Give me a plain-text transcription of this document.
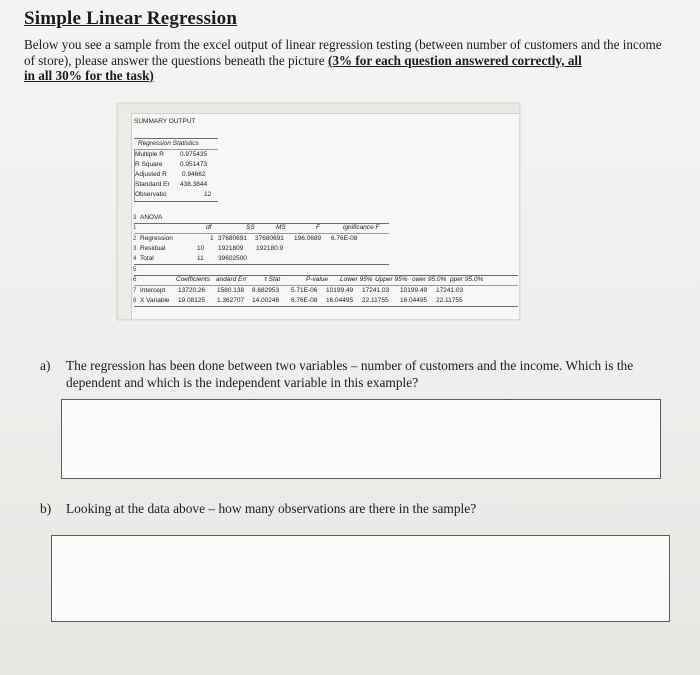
Simple Linear Regression
Below you see a sample from the excel output of linear regression testing (between number of customers and the income of store), please answer the questions beneath the picture (3% for each question answered correctly, all
in all 30% for the task)
SUMMARY OUTPUT
Regression Statistics
Multiple R 0.975435
R Square	0.951473
Adjusted R 0.94662
Standard Er 438.3844
Observatio	12
3 ANOVA
1	df	SS	MS	F	ignificance F
2 Regression	1 37680691 37680691 196.0689 6.76E-08
3 Residual	10 1921809 192180.9
4 Total	11 39602500
5
6	Coefficients andard Err	t Stat	P-value Lower 95% Upper 95% ower 95.0% pper 95.0%
7 Intercept 13720.26 1580.138 8.682953 5.71E-06 10199.49 17241.03 10199.49 17241.03
8 X Variable 19.08125 1.362707 14.00246 6.76E-08 16.04495 22.11755 16.04495 22.11755
a) The regression has been done between two variables – number of customers and the income. Which is the dependent and which is the independent variable in this example?
b) Looking at the data above – how many observations are there in the sample?
